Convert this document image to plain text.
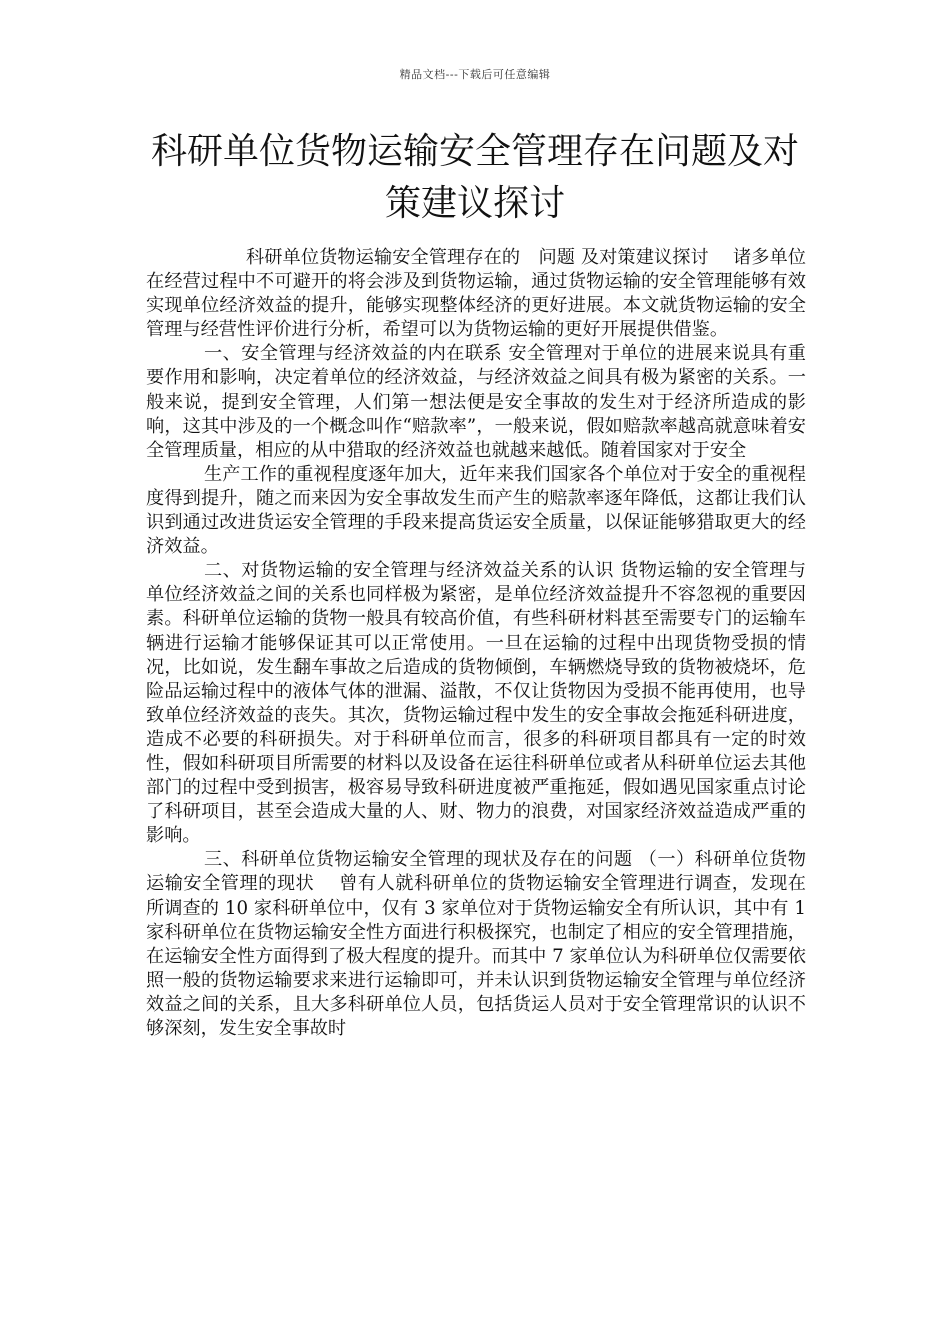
精品文档---下载后可任意编辑
科研单位货物运输安全管理存在问题及对策建议探讨

科研单位货物运输安全管理存在的　问题 及对策建议探讨　 诸多单位在经营过程中不可避开的将会涉及到货物运输，通过货物运输的安全管理能够有效实现单位经济效益的提升，能够实现整体经济的更好进展。本文就货物运输的安全管理与经营性评价进行分析，希望可以为货物运输的更好开展提供借鉴。

一、安全管理与经济效益的内在联系 安全管理对于单位的进展来说具有重要作用和影响，决定着单位的经济效益，与经济效益之间具有极为紧密的关系。一般来说，提到安全管理，人们第一想法便是安全事故的发生对于经济所造成的影响，这其中涉及的一个概念叫作“赔款率”，一般来说，假如赔款率越高就意味着安全管理质量，相应的从中猎取的经济效益也就越来越低。随着国家对于安全

生产工作的重视程度逐年加大，近年来我们国家各个单位对于安全的重视程度得到提升，随之而来因为安全事故发生而产生的赔款率逐年降低，这都让我们认识到通过改进货运安全管理的手段来提高货运安全质量，以保证能够猎取更大的经济效益。

二、对货物运输的安全管理与经济效益关系的认识 货物运输的安全管理与单位经济效益之间的关系也同样极为紧密，是单位经济效益提升不容忽视的重要因素。科研单位运输的货物一般具有较高价值，有些科研材料甚至需要专门的运输车辆进行运输才能够保证其可以正常使用。一旦在运输的过程中出现货物受损的情况，比如说，发生翻车事故之后造成的货物倾倒，车辆燃烧导致的货物被烧坏，危险品运输过程中的液体气体的泄漏、溢散，不仅让货物因为受损不能再使用，也导致单位经济效益的丧失。其次，货物运输过程中发生的安全事故会拖延科研进度，造成不必要的科研损失。对于科研单位而言，很多的科研项目都具有一定的时效性，假如科研项目所需要的材料以及设备在运往科研单位或者从科研单位运去其他部门的过程中受到损害，极容易导致科研进度被严重拖延，假如遇见国家重点讨论了科研项目，甚至会造成大量的人、财、物力的浪费，对国家经济效益造成严重的影响。

三、科研单位货物运输安全管理的现状及存在的问题 （一）科研单位货物运输安全管理的现状　 曾有人就科研单位的货物运输安全管理进行调查，发现在所调查的 10 家科研单位中，仅有 3 家单位对于货物运输安全有所认识，其中有 1 家科研单位在货物运输安全性方面进行积极探究，也制定了相应的安全管理措施，在运输安全性方面得到了极大程度的提升。而其中 7 家单位认为科研单位仅需要依照一般的货物运输要求来进行运输即可，并未认识到货物运输安全管理与单位经济效益之间的关系，且大多科研单位人员，包括货运人员对于安全管理常识的认识不够深刻，发生安全事故时
